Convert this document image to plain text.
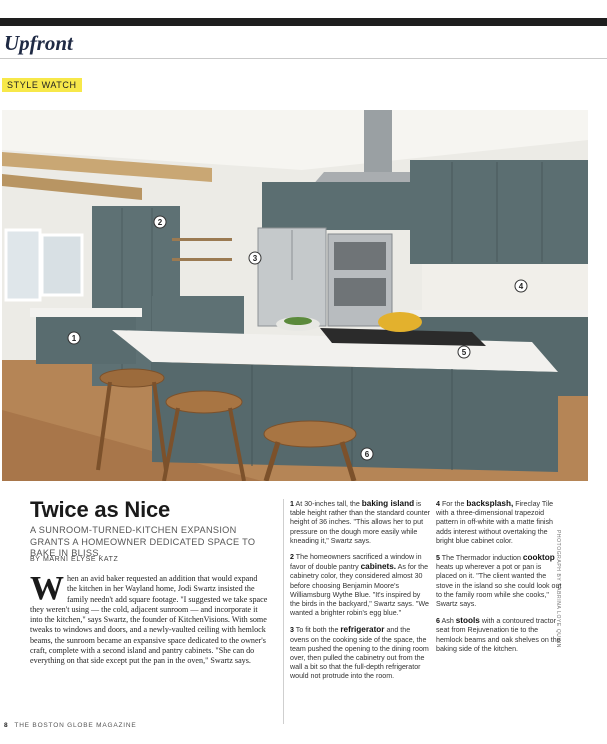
Upfront
STYLE WATCH
1
2
3
4
5
6
PHOTOGRAPH BY SABRINA LOYE QUINN
Twice as Nice
A SUNROOM-TURNED-KITCHEN EXPANSION GRANTS A HOMEOWNER DEDICATED SPACE TO BAKE IN BLISS.
BY MARNI ELYSE KATZ
When an avid baker requested an addition that would expand the kitchen in her Wayland home, Jodi Swartz insisted the family needn't add square footage. "I suggested we take space they weren't using — the cold, adjacent sunroom — and incorporate it into the kitchen," says Swartz, the founder of KitchenVisions. With some tweaks to windows and doors, and a newly-vaulted ceiling with hemlock beams, the sunroom became an expansive space dedicated to the owner's craft, complete with a second island and pantry cabinets. "She can do everything on that side except put the pan in the oven," Swartz says.

1 At 30-inches tall, the baking island is table height rather than the standard counter height of 36 inches. "This allows her to put pressure on the dough more easily while kneading it," Swartz says.

2 The homeowners sacrificed a window in favor of double pantry cabinets. As for the cabinetry color, they considered almost 30 before choosing Benjamin Moore's Williamsburg Wythe Blue. "It's inspired by the birds in the backyard," Swartz says. "We wanted a brighter robin's egg blue."

3 To fit both the refrigerator and the ovens on the cooking side of the space, the team pushed the opening to the dining room over, then pulled the cabinetry out from the wall a bit so that the full-depth refrigerator would not protrude into the room.

4 For the backsplash, Fireclay Tile with a three-dimensional trapezoid pattern in off-white with a matte finish adds interest without overtaking the bright blue cabinet color.

5 The Thermador induction cooktop heats up wherever a pot or pan is placed on it. "The client wanted the stove in the island so she could look out to the family room while she cooks," Swartz says.

6 Ash stools with a contoured tractor seat from Rejuvenation tie to the hemlock beams and oak shelves on the baking side of the kitchen.

8 THE BOSTON GLOBE MAGAZINE
